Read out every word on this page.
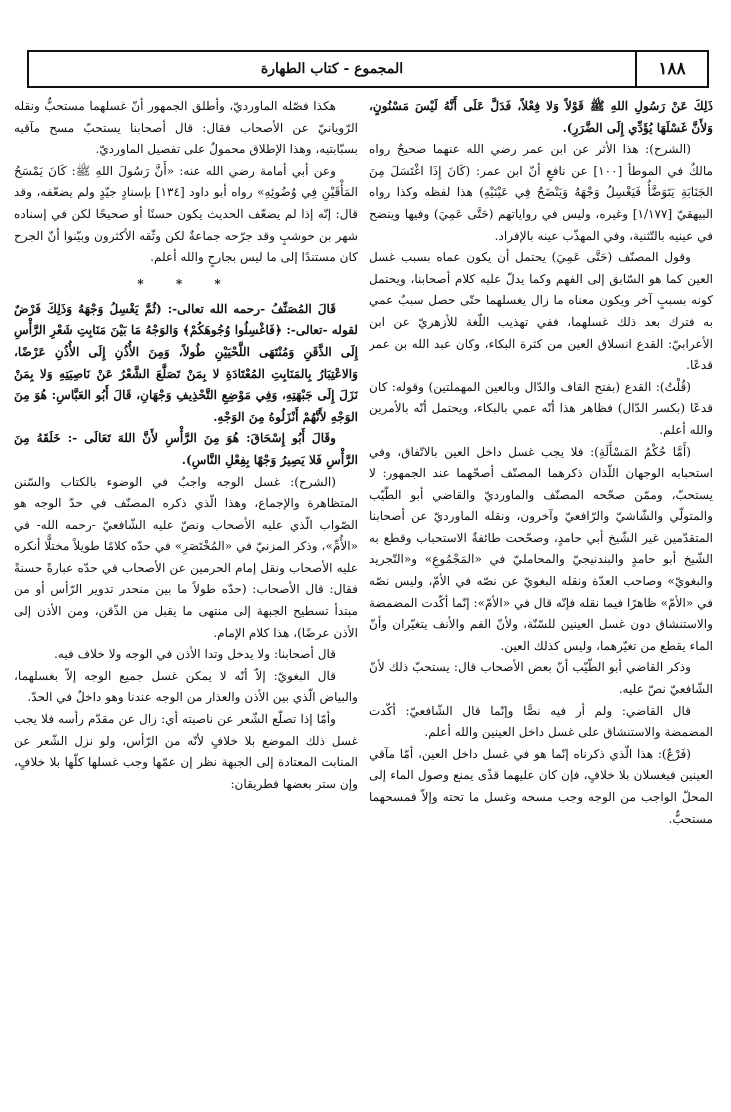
المجموع - كتاب الطهارة	١٨٨

ذَلِكَ عَنْ رَسُولِ اللهِ ﷺ قَوْلاً وَلا فِعْلاً، فَدَلَّ عَلَى أَنَّهُ لَيْسَ مَسْنُونٍ، وَلأَنَّ غَسْلَهَا يُؤَدِّي إِلَى الضَّرَرِ).

(الشرح): هذا الأثر عن ابن عمر رضي الله عنهما صحيحٌ رواه مالكٌ في الموطأ [١٠٠] عن نافعٍ أنّ ابن عمر: (كَانَ إِذَا اغْتَسَلَ مِنَ الجَنَابَةِ يَتَوَضَّأُ فَيَغْسِلُ وَجْهَهُ وَيَنْضَحُ فِي عَيْنَيْهِ) هذا لفظه وكذا رواه البيهقيّ [١/١٧٧] وغيره، وليس في رواياتهم (حَتَّى عَمِيَ) وفيها وينضح في عينيه بالتّثنية، وفي المهذّب عينه بالإفراد.

وقول المصنّف (حَتَّى عَمِيَ) يحتمل أن يكون عماه بسبب غسل العين كما هو السّابق إلى الفهم وكما يدلّ عليه كلام أصحابنا، ويحتمل كونه بسببٍ آخر ويكون معناه ما زال يغسلهما حتّى حصل سببٌ عمي به فترك بعد ذلك غسلهما، ففي تهذيب اللّغة للأزهريّ عن ابن الأعرابيّ: القدع انسلاق العين من كثرة البكاء، وكان عبد الله بن عمر قدعًا.

(قُلْتُ): القدع (بفتح القاف والدّال وبالعين المهملتين) وقوله: كان قدعًا (بكسر الدّال) فظاهر هذا أنّه عمي بالبكاء، ويحتمل أنّه بالأمرين والله أعلم.

(أَمَّا حُكْمُ المَسْأَلَةِ): فلا يجب غسل داخل العين بالاتّفاق، وفي استحبابه الوجهان اللّذان ذكرهما المصنّف أصحّهما عند الجمهور: لا يستحبّ، وممّن صحّحه المصنّف والماورديّ والقاضي أبو الطّيّب والمتولّي والشّاشيّ والرّافعيّ وآخرون، ونقله الماورديّ عن أصحابنا المتقدّمين غير الشّيخ أبي حامدٍ، وصحّحت طائفةٌ الاستحباب وقطع به الشّيخ أبو حامدٍ والبندنيجيّ والمحامليّ في «المَجْمُوعِ» و«التّجريد والبغويّ» وصاحب العدّة ونقله البغويّ عن نصّه في الأمّ، وليس نصّه في «الأمّ» ظاهرًا فيما نقله فإنّه قال في «الأمّ»: إنّما أكّدت المضمضة والاستنشاق دون غسل العينين للسّنّة، ولأنّ الفم والأنف يتغيّران وأنّ الماء يقطع من تغيّرهما، وليس كذلك العين.

وذكر القاضي أبو الطّيّب أنّ بعض الأصحاب قال: يستحبّ ذلك لأنّ الشّافعيّ نصّ عليه.

قال القاضي: ولم أر فيه نصًّا وإنّما قال الشّافعيّ: أكّدت المضمضة والاستنشاق على غسل داخل العينين والله أعلم.

(فَرْعٌ): هذا الّذي ذكرناه إنّما هو في غسل داخل العين، أمّا مآقي العينين فيغسلان بلا خلافٍ، فإن كان عليهما قذًى يمنع وصول الماء إلى المحلّ الواجب من الوجه وجب مسحه وغسل ما تحته وإلاّ فمسحهما مستحبٌّ.

هكذا فصّله الماورديّ، وأطلق الجمهور أنّ غسلهما مستحبٌّ ونقله الرّويانيّ عن الأصحاب فقال: قال أصحابنا يستحبّ مسح مآقيه بسبّابتيه، وهذا الإطلاق محمولٌ على تفصيل الماورديّ.

وعن أبي أمامة رضي الله عنه: «أَنَّ رَسُولَ اللهِ ﷺ: كَانَ يَمْسَحُ المَأْقَيْنِ فِي وُضُوئِهِ» رواه أبو داود [١٣٤] بإسنادٍ جيّدٍ ولم يضعّفه، وقد قال: إنّه إذا لم يضعّف الحديث يكون حسنًا أو صحيحًا لكن في إسناده شهر بن حوشبٍ وقد جرّحه جماعةٌ لكن وثّقه الأكثرون وبيّنوا أنّ الجرح كان مستندًا إلى ما ليس بجارحٍ والله أعلم.

* * *

قَالَ المُصَنِّفُ -رحمه الله تعالى-: (ثُمَّ يَغْسِلُ وَجْهَهُ وَذَلِكَ فَرْضٌ لقوله -تعالى-: ﴿فَاغْسِلُوا وُجُوهَكُمْ﴾ وَالوَجْهُ مَا بَيْنَ مَنَابِتِ شَعْرِ الرَّأْسِ إِلَى الذَّقَنِ وَمُنْتَهَى اللَّحْيَيْنِ طُولاً، وَمِنَ الأُذُنِ إِلَى الأُذُنِ عَرْضًا، وَالاعْتِبَارُ بِالمَنَابِتِ المُعْتَادَةِ لا بِمَنْ تَصَلَّعَ الشَّعْرُ عَنْ نَاصِيَتِهِ وَلا بِمَنْ نَزَلَ إِلَى جَبْهَتِهِ، وَفِي مَوْضِعِ التَّحْذِيفِ وَجْهَانِ، قَالَ أَبُو العَبَّاسِ: هُوَ مِنَ الوَجْهِ لأَنَّهُمْ أَنْزَلُوهُ مِنَ الوَجْهِ.

وقَالَ أَبُو إِسْحَاقَ: هُوَ مِنَ الرَّأْسِ لأَنَّ اللهَ تَعَالَى -: خَلَقَهُ مِنَ الرَّأْسِ فَلا يَصِيرُ وَجْهًا بِفِعْلِ النَّاسِ).

(الشرح): غسل الوجه واجبٌ في الوضوء بالكتاب والسّنن المتظاهرة والإجماع، وهذا الّذي ذكره المصنّف في حدّ الوجه هو الصّواب الّذي عليه الأصحاب ونصّ عليه الشّافعيّ -رحمه الله- في «الأُمِّ»، وذكر المزنيّ في «المُخْتَصَرِ» في حدّه كلامًا طويلاً مختلًّا أنكره عليه الأصحاب ونقل إمام الحرمين عن الأصحاب في حدّه عبارةً حسنةً فقال: قال الأصحاب: (حدّه طولاً ما بين منحدر تدوير الرّأس أو من مبتدأ تسطيح الجبهة إلى منتهى ما يقبل من الذّقن، ومن الأذن إلى الأذن عرضًا)، هذا كلام الإمام.

قال أصحابنا: ولا يدخل وتدا الأذن في الوجه ولا خلاف فيه.

قال البغويّ: إلاّ أنّه لا يمكن غسل جميع الوجه إلاّ بغسلهما، والبياض الّذي بين الأذن والعذار من الوجه عندنا وهو داخلٌ في الحدّ.

وأمّا إذا تصلّع الشّعر عن ناصيته أي: زال عن مقدّم رأسه فلا يجب غسل ذلك الموضع بلا خلافٍ لأنّه من الرّأس، ولو نزل الشّعر عن المنابت المعتادة إلى الجبهة نظر إن عمّها وجب غسلها كلّها بلا خلافٍ، وإن ستر بعضها فطريقان:
